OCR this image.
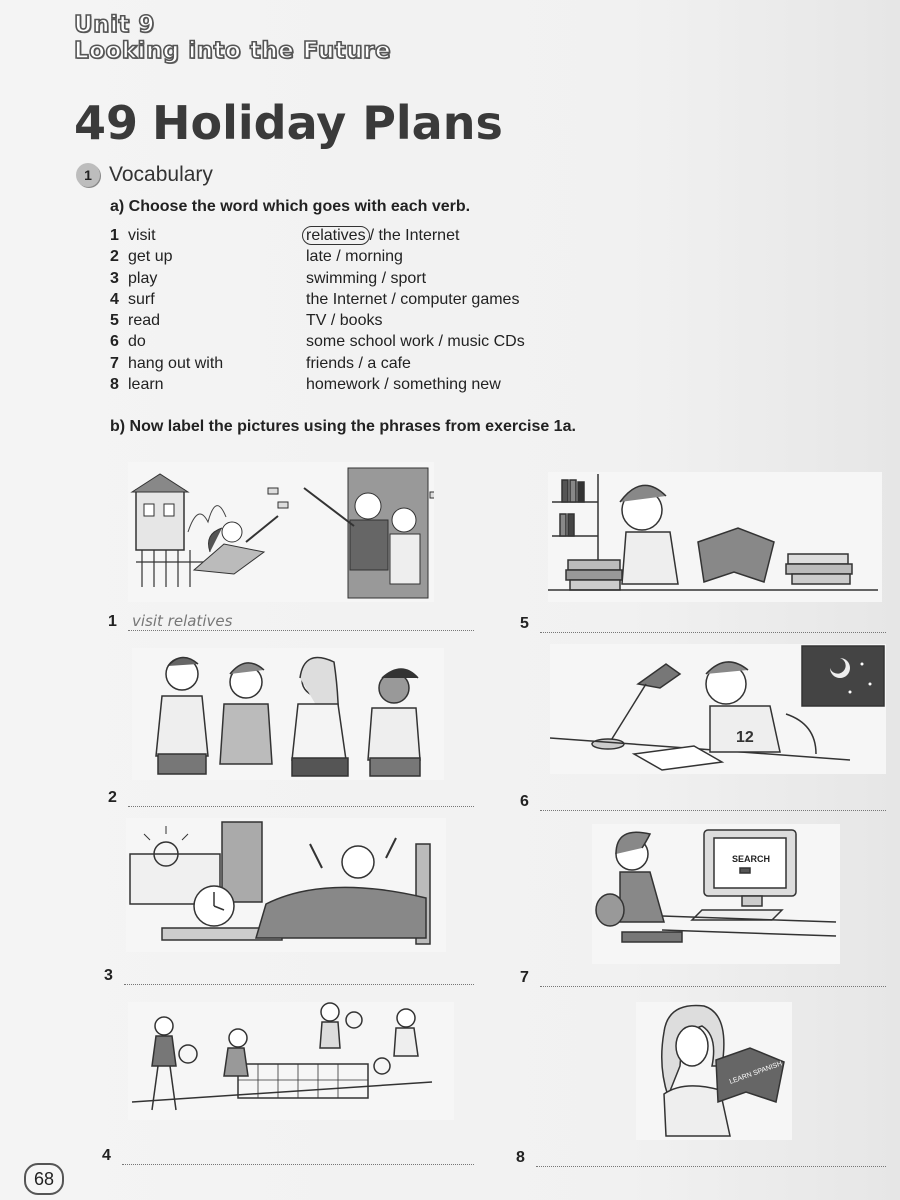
Unit 9
Looking into the Future
49 Holiday Plans
1 Vocabulary
a) Choose the word which goes with each verb.
1 visit	relatives / the Internet
2 get up	late / morning
3 play	swimming / sport
4 surf	the Internet / computer games
5 read	TV / books
6 do	some school work / music CDs
7 hang out with	friends / a cafe
8 learn	homework / something new
b) Now label the pictures using the phrases from exercise 1a.
1	visit relatives
2
3
4
5
12
6
SEARCH
7
LEARN SPANISH
8
68
